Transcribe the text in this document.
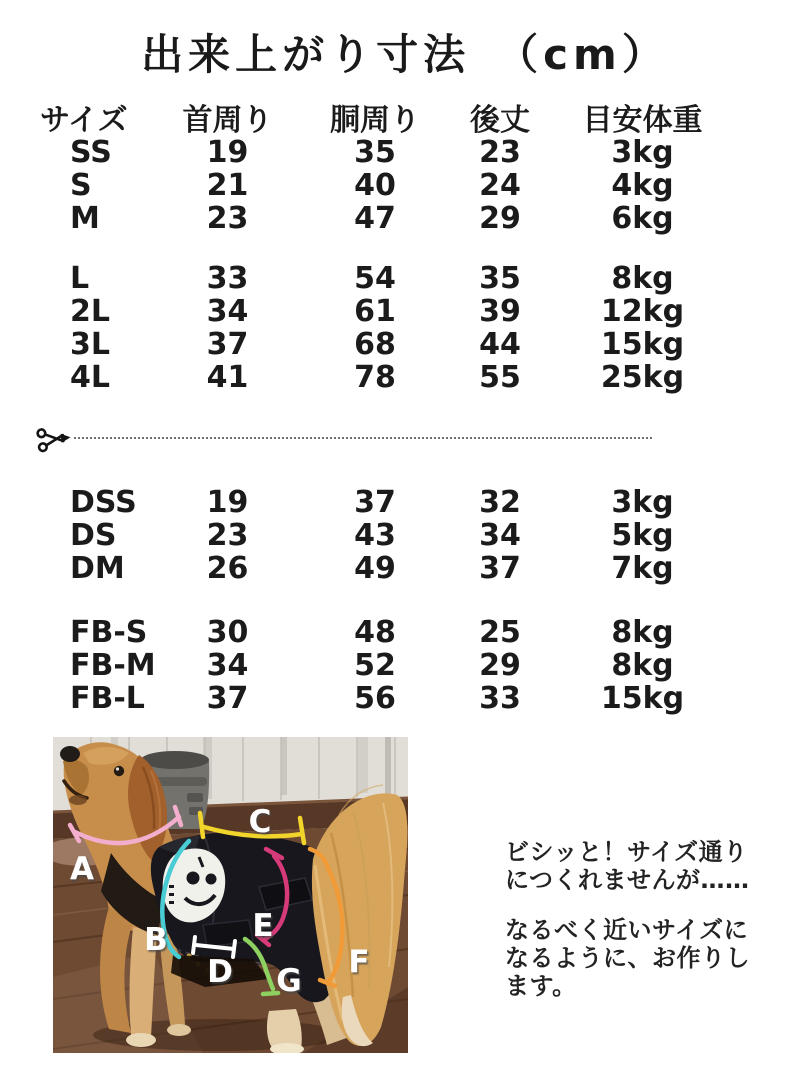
出来上がり寸法　（cm）
サイズ	首周り	胴周り	後丈	目安体重
SS	19	35	23	3kg
S	21	40	24	4kg
M	23	47	29	6kg
L	33	54	35	8kg
2L	34	61	39	12kg
3L	37	68	44	15kg
4L	41	78	55	25kg
DSS	19	37	32	3kg
DS	23	43	34	5kg
DM	26	49	37	7kg
FB-S	30	48	25	8kg
FB-M	34	52	29	8kg
FB-L	37	56	33	15kg
A
B
C
D
E
F
G
ビシッと！サイズ通り
につくれませんが……
なるべく近いサイズに
なるように、お作りし
ます。
